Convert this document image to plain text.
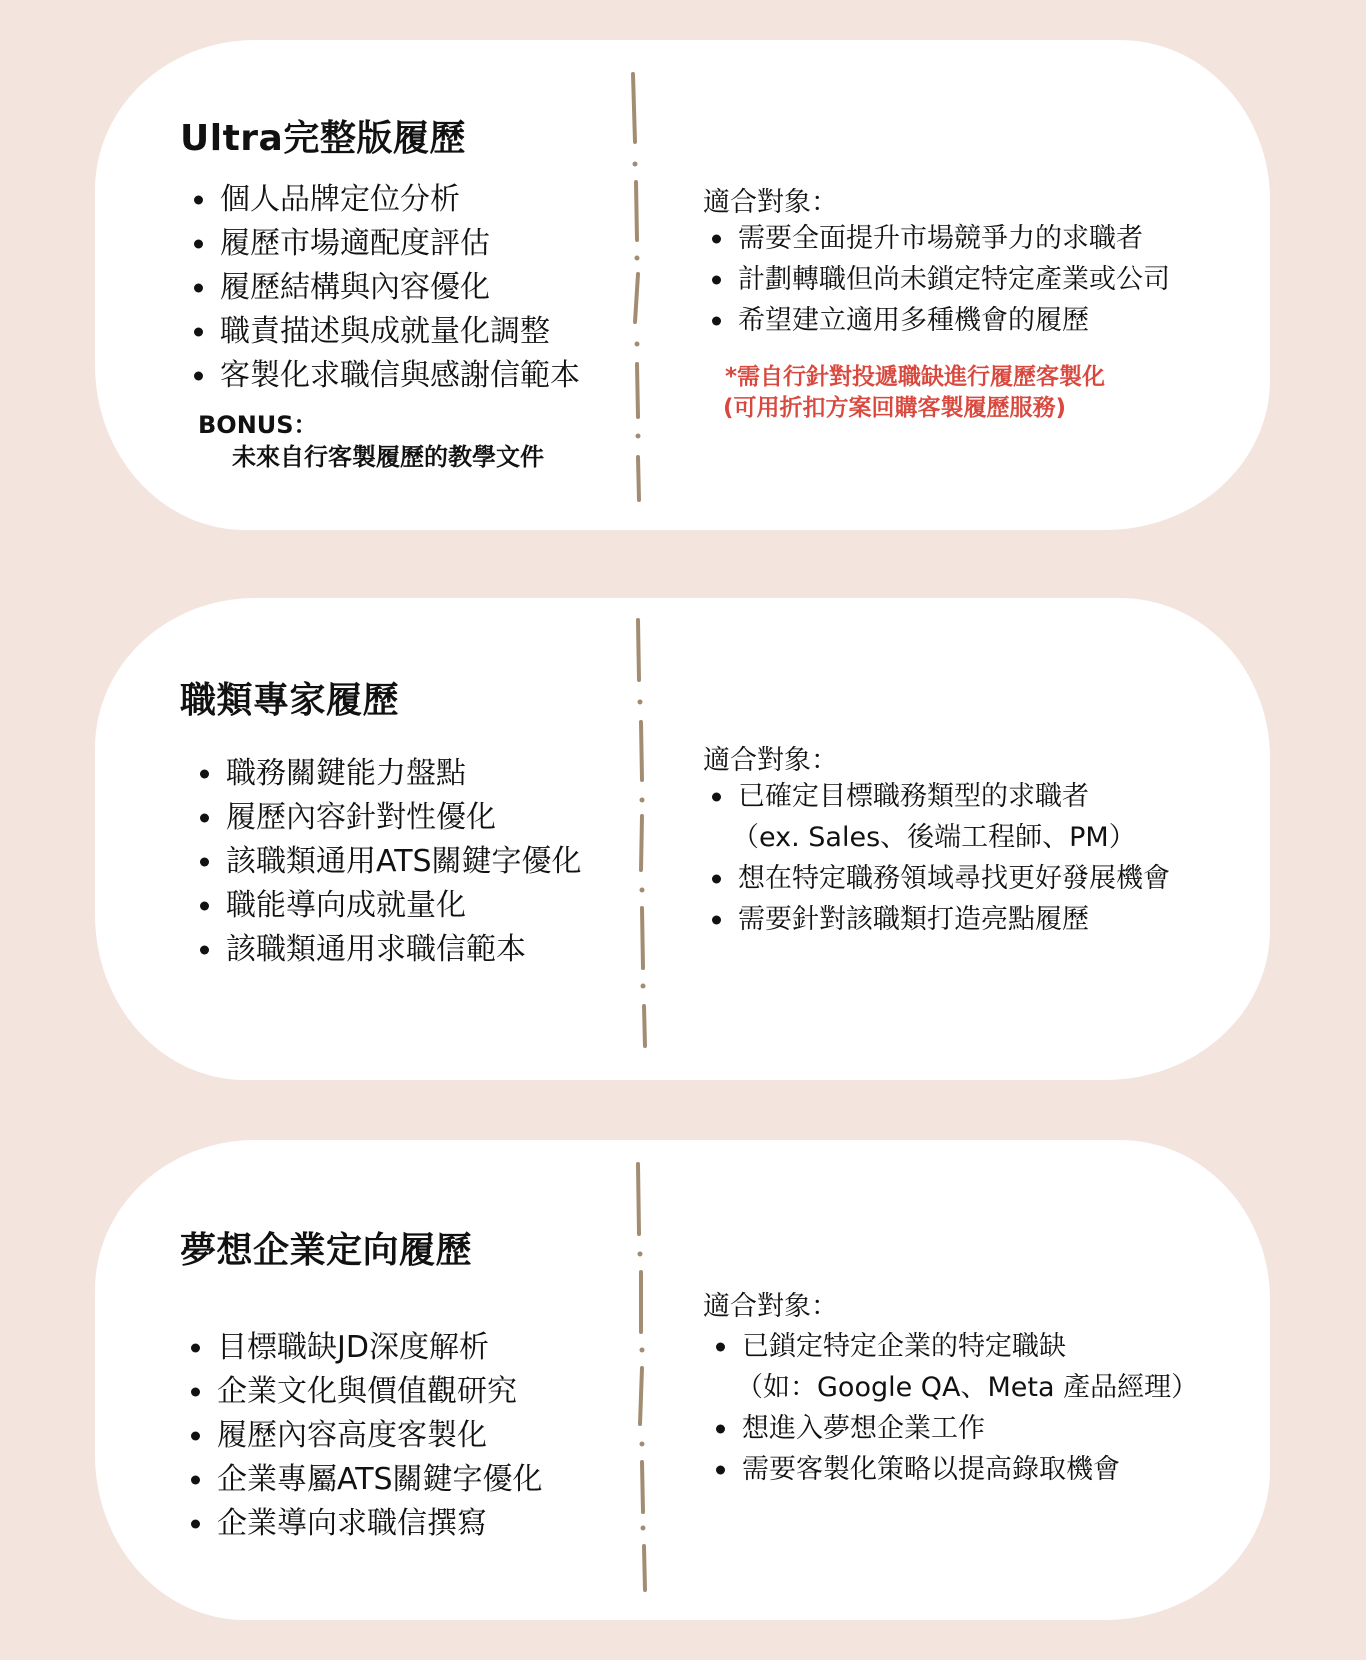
Ultra完整版履歷
個人品牌定位分析
履歷市場適配度評估
履歷結構與內容優化
職責描述與成就量化調整
客製化求職信與感謝信範本
BONUS：
未來自行客製履歷的教學文件
適合對象：
需要全面提升市場競爭力的求職者
計劃轉職但尚未鎖定特定產業或公司
希望建立適用多種機會的履歷
*需自行針對投遞職缺進行履歷客製化
(可用折扣方案回購客製履歷服務)
職類專家履歷
職務關鍵能力盤點
履歷內容針對性優化
該職類通用ATS關鍵字優化
職能導向成就量化
該職類通用求職信範本
適合對象：
已確定目標職務類型的求職者
（ex. Sales、後端工程師、PM）
想在特定職務領域尋找更好發展機會
需要針對該職類打造亮點履歷
夢想企業定向履歷
目標職缺JD深度解析
企業文化與價值觀研究
履歷內容高度客製化
企業專屬ATS關鍵字優化
企業導向求職信撰寫
適合對象：
已鎖定特定企業的特定職缺
（如：Google QA、Meta 產品經理）
想進入夢想企業工作
需要客製化策略以提高錄取機會
